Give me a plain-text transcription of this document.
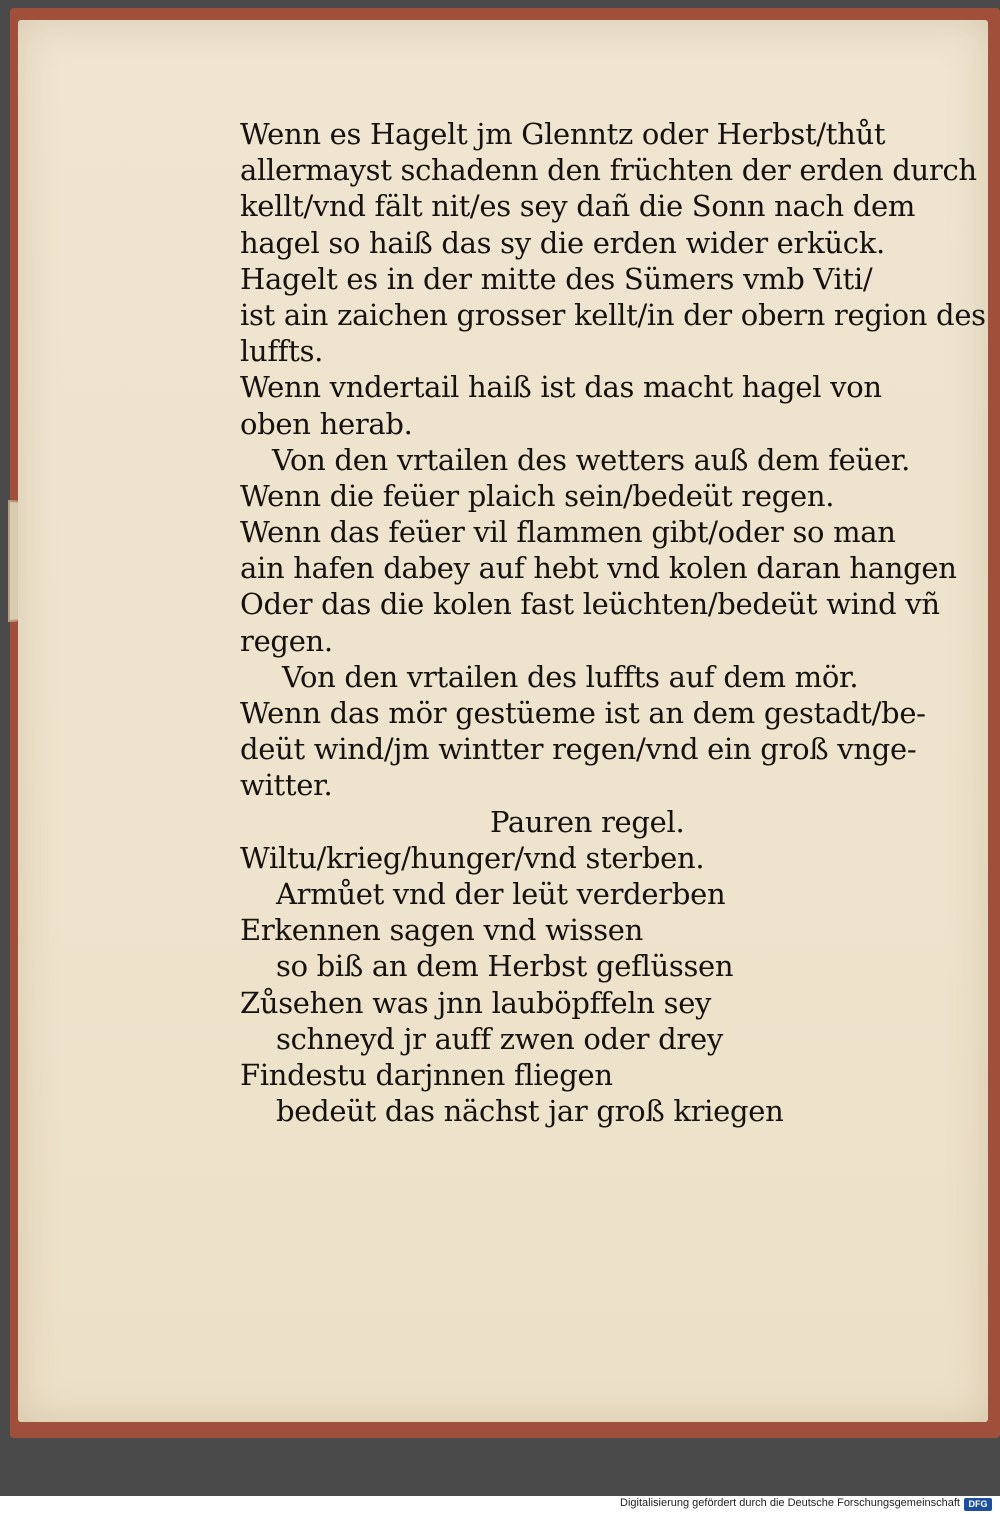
Wenn es Hagelt jm Glenntz oder Herbst/thůt
allermayst schadenn den früchten der erden durch
kellt/vnd fält nit/es sey dañ die Sonn nach dem
hagel so haiß das sy die erden wider erkück.
Hagelt es in der mitte des Sümers vmb Viti/
ist ain zaichen grosser kellt/in der obern region des
luffts.
Wenn vndertail haiß ist das macht hagel von
oben herab.
Von den vrtailen des wetters auß dem feüer.
Wenn die feüer plaich sein/bedeüt regen.
Wenn das feüer vil flammen gibt/oder so man
ain hafen dabey auf hebt vnd kolen daran hangen
Oder das die kolen fast leüchten/bedeüt wind vñ
regen.
Von den vrtailen des luffts auf dem mör.
Wenn das mör gestüeme ist an dem gestadt/be-
deüt wind/jm wintter regen/vnd ein groß vnge-
witter.
Pauren regel.
Wiltu/krieg/hunger/vnd sterben.
Armůet vnd der leüt verderben
Erkennen sagen vnd wissen
so biß an dem Herbst geflüssen
Zůsehen was jnn lauböpffeln sey
schneyd jr auff zwen oder drey
Findestu darjnnen fliegen
bedeüt das nächst jar groß kriegen
Digitalisierung gefördert durch die Deutsche Forschungsgemeinschaft DFG
